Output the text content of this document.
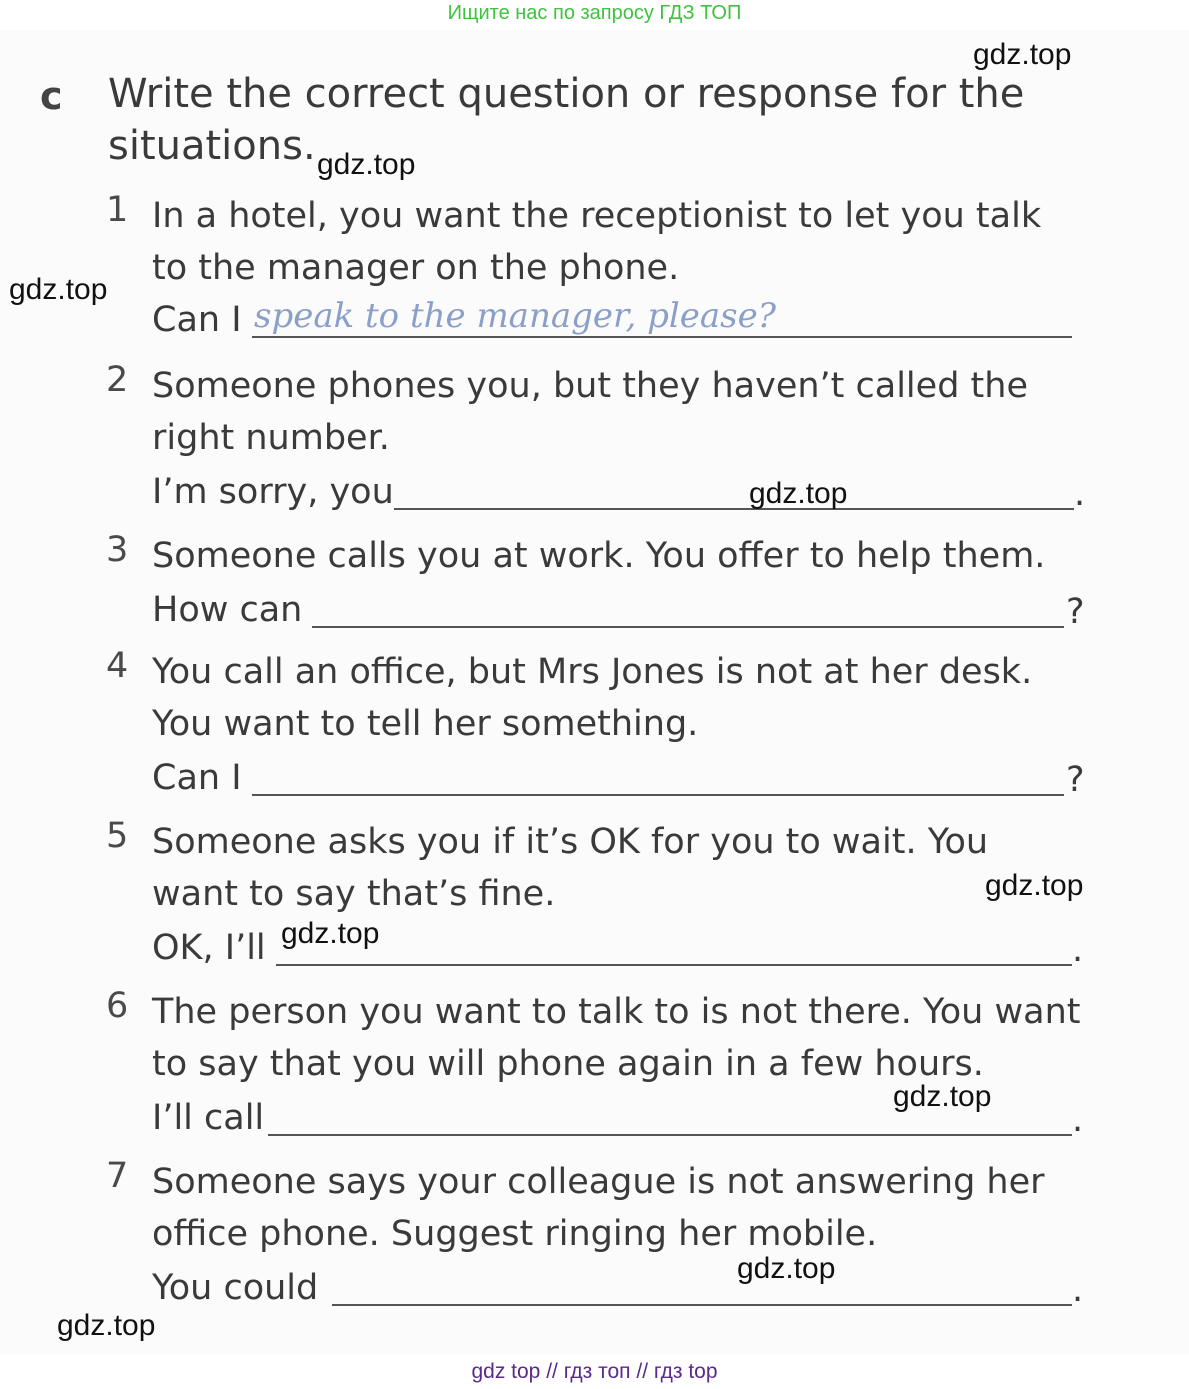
Ищите нас по запросу ГДЗ ТОП
c Write the correct question or response for the situations.
1 In a hotel, you want the receptionist to let you talk to the manager on the phone.
Can I speak to the manager, please?
2 Someone phones you, but they haven’t called the right number.
I’m sorry, you	.
3 Someone calls you at work. You offer to help them.
How can	?
4 You call an office, but Mrs Jones is not at her desk. You want to tell her something.
Can I	?
5 Someone asks you if it’s OK for you to wait. You want to say that’s fine.
OK, I’ll	.
6 The person you want to talk to is not there. You want to say that you will phone again in a few hours.
I’ll call	.
7 Someone says your colleague is not answering her office phone. Suggest ringing her mobile.
You could	.
gdz.top
gdz.top
gdz.top
gdz.top
gdz.top
gdz.top
gdz.top
gdz.top
gdz.top
gdz top // гдз топ // гдз top
